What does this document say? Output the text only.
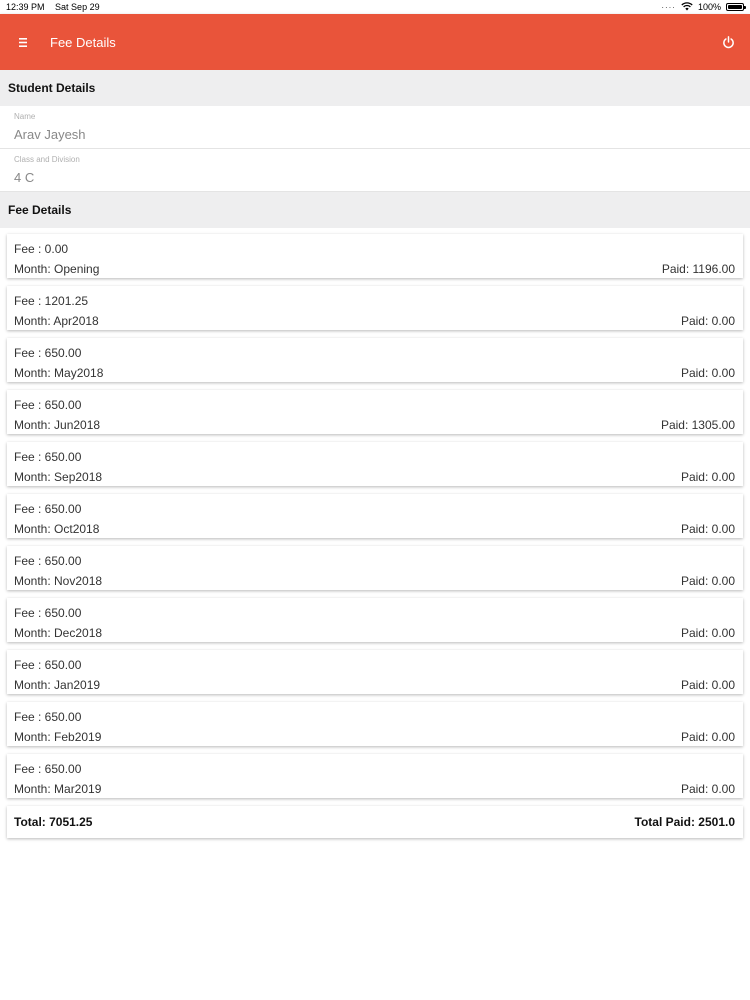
12:39 PM Sat Sep 29	···· 100%
Fee Details
Student Details
Name
Arav Jayesh
Class and Division
4 C
Fee Details
Fee : 0.00
Month: Opening	Paid: 1196.00
Fee : 1201.25
Month: Apr2018	Paid: 0.00
Fee : 650.00
Month: May2018	Paid: 0.00
Fee : 650.00
Month: Jun2018	Paid: 1305.00
Fee : 650.00
Month: Sep2018	Paid: 0.00
Fee : 650.00
Month: Oct2018	Paid: 0.00
Fee : 650.00
Month: Nov2018	Paid: 0.00
Fee : 650.00
Month: Dec2018	Paid: 0.00
Fee : 650.00
Month: Jan2019	Paid: 0.00
Fee : 650.00
Month: Feb2019	Paid: 0.00
Fee : 650.00
Month: Mar2019	Paid: 0.00
Total: 7051.25	Total Paid: 2501.0
